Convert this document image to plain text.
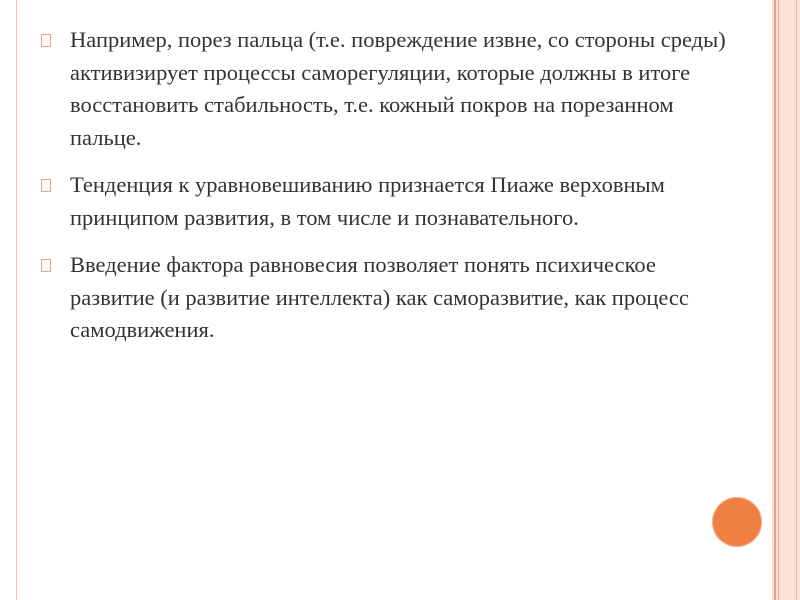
Например, порез пальца (т.е. повреждение извне, со стороны среды) активизирует процессы саморегуляции, которые должны в итоге восстановить стабильность, т.е. кожный покров на порезанном пальце.
Тенденция к уравновешиванию признается Пиаже верховным принципом развития, в том числе и познавательного.
Введение фактора равновесия позволяет понять психическое развитие (и развитие интеллекта) как саморазвитие, как процесс самодвижения.
